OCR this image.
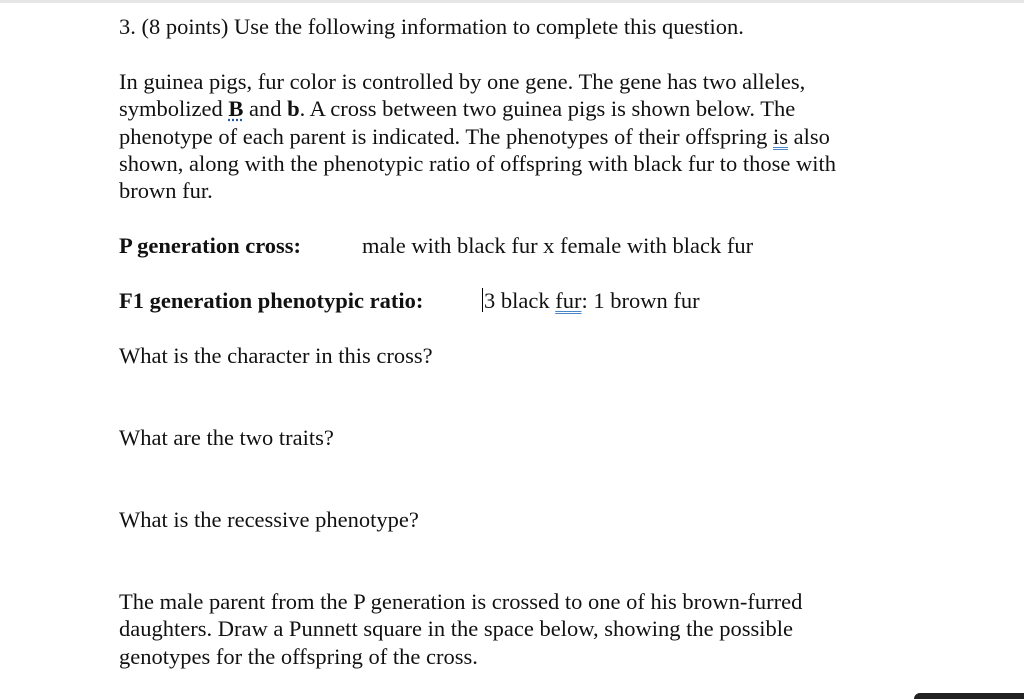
3. (8 points) Use the following information to complete this question.
In guinea pigs, fur color is controlled by one gene. The gene has two alleles, symbolized B and b. A cross between two guinea pigs is shown below. The phenotype of each parent is indicated. The phenotypes of their offspring is also shown, along with the phenotypic ratio of offspring with black fur to those with brown fur.
P generation cross:	male with black fur x female with black fur
F1 generation phenotypic ratio:	3 black fur: 1 brown fur
What is the character in this cross?
What are the two traits?
What is the recessive phenotype?
The male parent from the P generation is crossed to one of his brown-furred daughters. Draw a Punnett square in the space below, showing the possible genotypes for the offspring of the cross.
